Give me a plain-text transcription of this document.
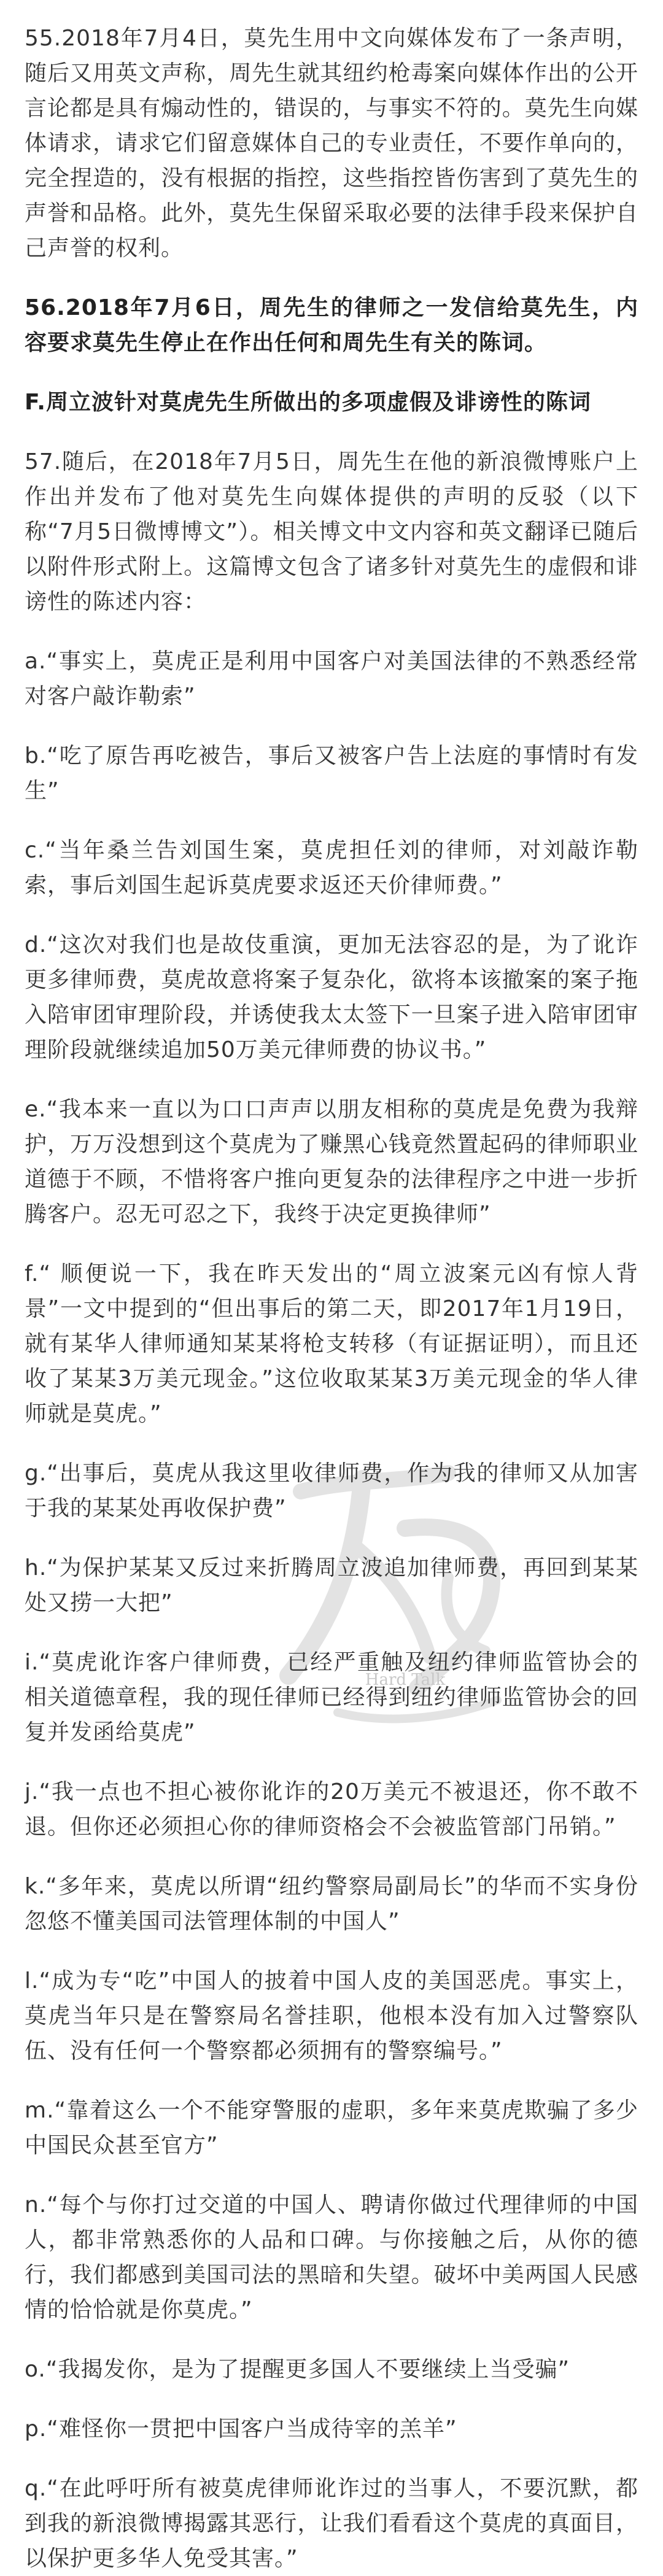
Hard Talk

55.2018年7月4日，莫先生用中文向媒体发布了一条声明，随后又用英文声称，周先生就其纽约枪毒案向媒体作出的公开言论都是具有煽动性的，错误的，与事实不符的。莫先生向媒体请求，请求它们留意媒体自己的专业责任，不要作单向的，完全捏造的，没有根据的指控，这些指控皆伤害到了莫先生的声誉和品格。此外，莫先生保留采取必要的法律手段来保护自己声誉的权利。

56.2018年7月6日，周先生的律师之一发信给莫先生，内容要求莫先生停止在作出任何和周先生有关的陈词。

F.周立波针对莫虎先生所做出的多项虚假及诽谤性的陈词

57.随后，在2018年7月5日，周先生在他的新浪微博账户上作出并发布了他对莫先生向媒体提供的声明的反驳（以下称“7月5日微博博文”）。相关博文中文内容和英文翻译已随后以附件形式附上。这篇博文包含了诸多针对莫先生的虚假和诽谤性的陈述内容：

a.“事实上，莫虎正是利用中国客户对美国法律的不熟悉经常对客户敲诈勒索”

b.“吃了原告再吃被告，事后又被客户告上法庭的事情时有发生”

c.“当年桑兰告刘国生案，莫虎担任刘的律师，对刘敲诈勒索，事后刘国生起诉莫虎要求返还天价律师费。”

d.“这次对我们也是故伎重演，更加无法容忍的是，为了讹诈更多律师费，莫虎故意将案子复杂化，欲将本该撤案的案子拖入陪审团审理阶段，并诱使我太太签下一旦案子进入陪审团审理阶段就继续追加50万美元律师费的协议书。”

e.“我本来一直以为口口声声以朋友相称的莫虎是免费为我辩护，万万没想到这个莫虎为了赚黑心钱竟然置起码的律师职业道德于不顾，不惜将客户推向更复杂的法律程序之中进一步折腾客户。忍无可忍之下，我终于决定更换律师”

f.“ 顺便说一下，我在昨天发出的“周立波案元凶有惊人背景”一文中提到的“但出事后的第二天，即2017年1月19日，就有某华人律师通知某某将枪支转移（有证据证明），而且还收了某某3万美元现金。”这位收取某某3万美元现金的华人律师就是莫虎。”

g.“出事后，莫虎从我这里收律师费，作为我的律师又从加害于我的某某处再收保护费”

h.“为保护某某又反过来折腾周立波追加律师费，再回到某某处又捞一大把”

i.“莫虎讹诈客户律师费，已经严重触及纽约律师监管协会的相关道德章程，我的现任律师已经得到纽约律师监管协会的回复并发函给莫虎”

j.“我一点也不担心被你讹诈的20万美元不被退还，你不敢不退。但你还必须担心你的律师资格会不会被监管部门吊销。”

k.“多年来，莫虎以所谓“纽约警察局副局长”的华而不实身份忽悠不懂美国司法管理体制的中国人”

l.“成为专“吃”中国人的披着中国人皮的美国恶虎。事实上，莫虎当年只是在警察局名誉挂职，他根本没有加入过警察队伍、没有任何一个警察都必须拥有的警察编号。”

m.“靠着这么一个不能穿警服的虚职，多年来莫虎欺骗了多少中国民众甚至官方”

n.“每个与你打过交道的中国人、聘请你做过代理律师的中国人，都非常熟悉你的人品和口碑。与你接触之后，从你的德行，我们都感到美国司法的黑暗和失望。破坏中美两国人民感情的恰恰就是你莫虎。”

o.“我揭发你，是为了提醒更多国人不要继续上当受骗”

p.“难怪你一贯把中国客户当成待宰的羔羊”

q.“在此呼吁所有被莫虎律师讹诈过的当事人，不要沉默，都到我的新浪微博揭露其恶行，让我们看看这个莫虎的真面目，以保护更多华人免受其害。”
